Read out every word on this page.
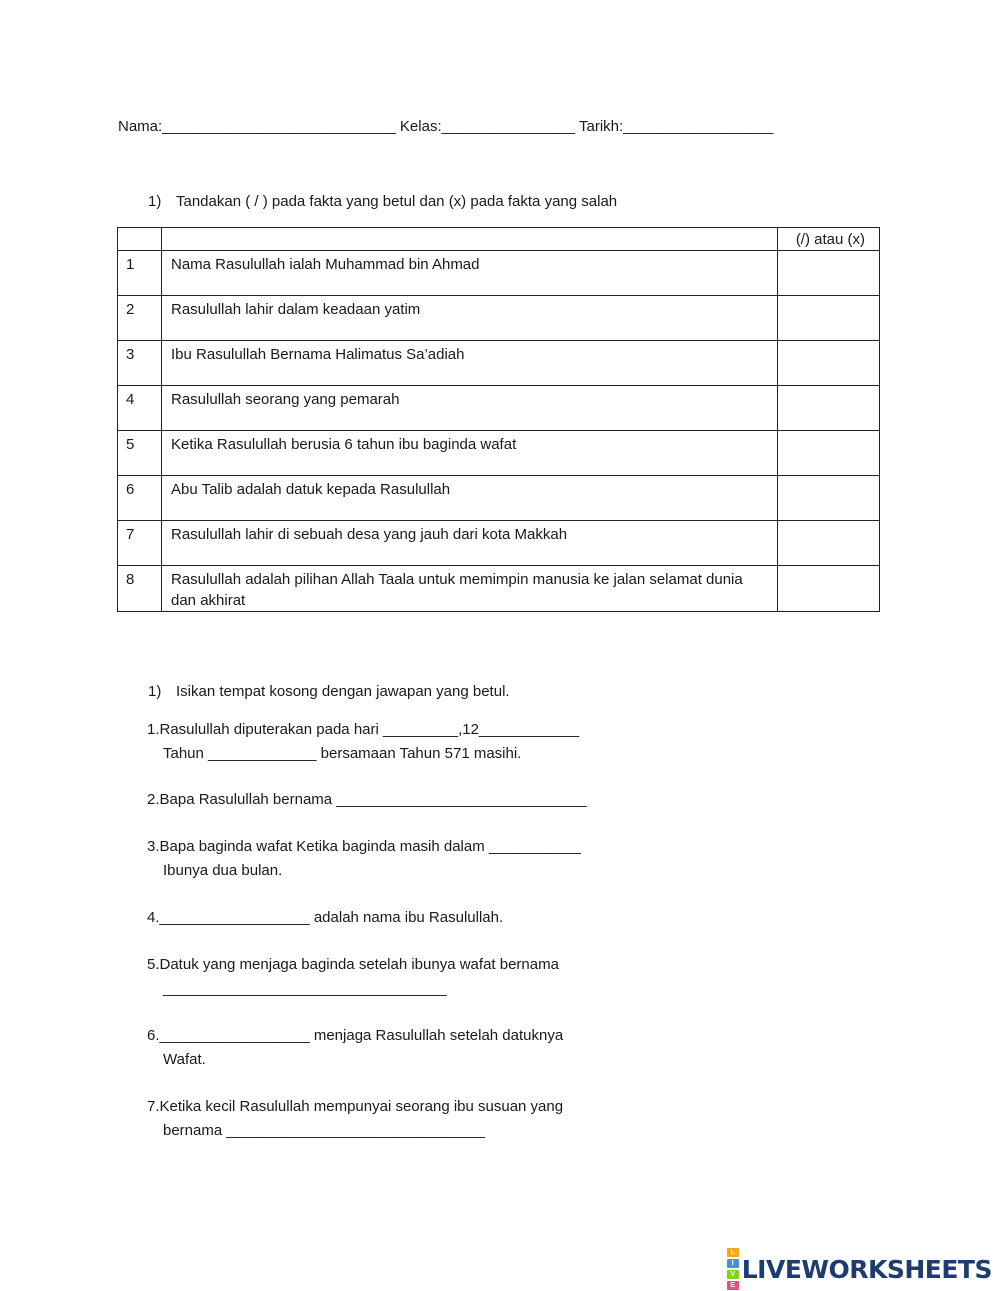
Nama:____________________________ Kelas:________________ Tarikh:__________________
1) Tandakan ( / ) pada fakta yang betul dan (x) pada fakta yang salah
		(/) atau (x)
1	Nama Rasulullah ialah Muhammad bin Ahmad	
2	Rasulullah lahir dalam keadaan yatim	
3	Ibu Rasulullah Bernama Halimatus Sa’adiah	
4	Rasulullah seorang yang pemarah	
5	Ketika Rasulullah berusia 6 tahun ibu baginda wafat	
6	Abu Talib adalah datuk kepada Rasulullah	
7	Rasulullah lahir di sebuah desa yang jauh dari kota Makkah	
8	Rasulullah adalah pilihan Allah Taala untuk memimpin manusia ke jalan selamat dunia dan akhirat	
1) Isikan tempat kosong dengan jawapan yang betul.
1.Rasulullah diputerakan pada hari _________,12____________
Tahun _____________ bersamaan Tahun 571 masihi.
2.Bapa Rasulullah bernama ______________________________
3.Bapa baginda wafat Ketika baginda masih dalam ___________
Ibunya dua bulan.
4.__________________ adalah nama ibu Rasulullah.
5.Datuk yang menjaga baginda setelah ibunya wafat bernama
__________________________________
6.__________________ menjaga Rasulullah setelah datuknya
Wafat.
7.Ketika kecil Rasulullah mempunyai seorang ibu susuan yang
bernama _______________________________
L
I
V
E
LIVEWORKSHEETS
